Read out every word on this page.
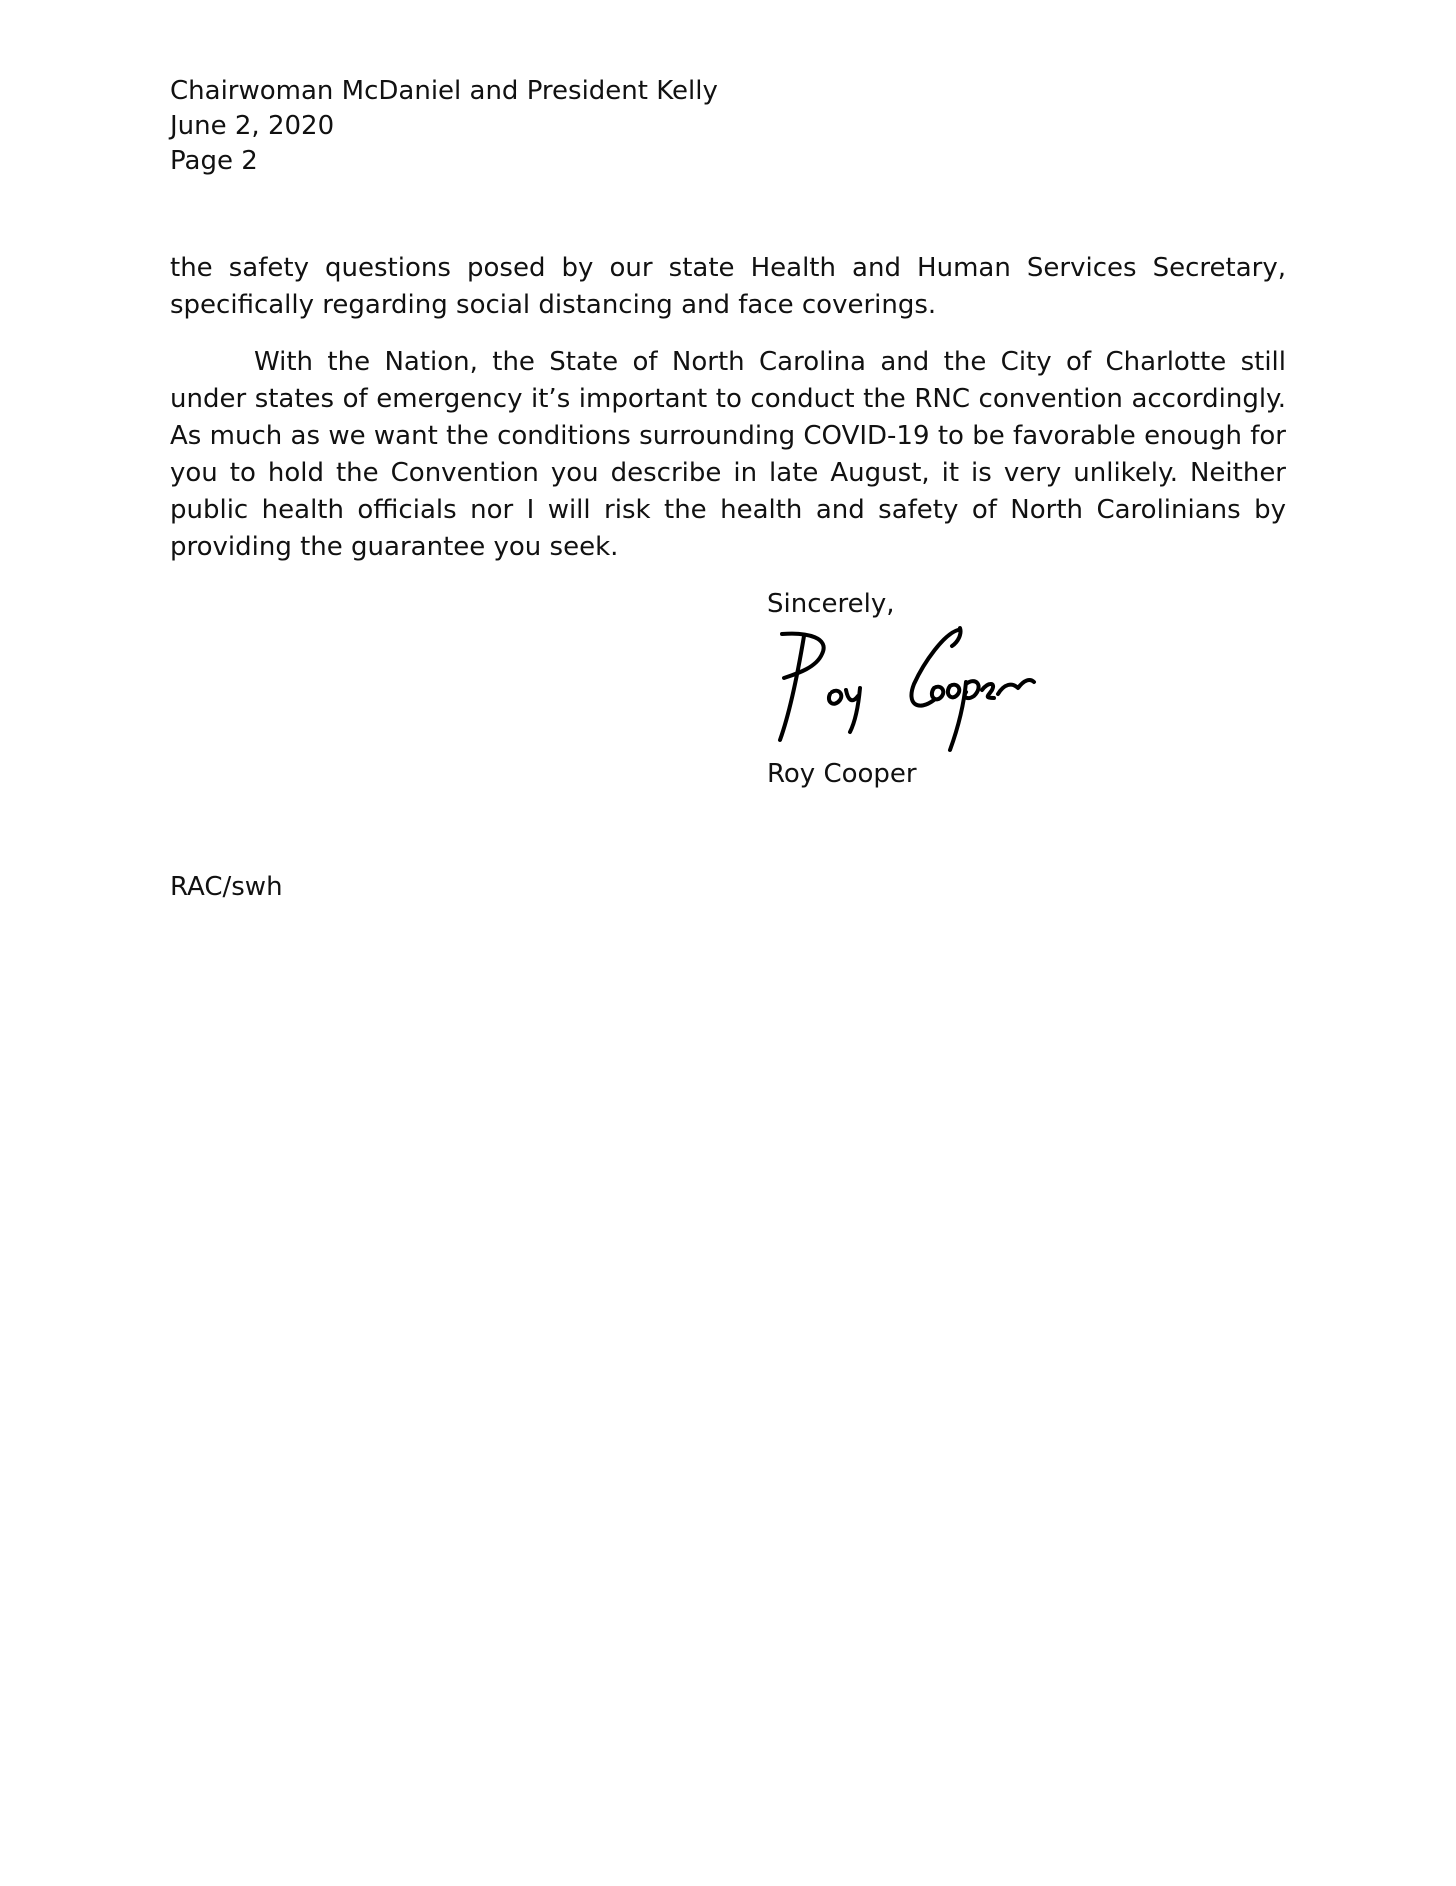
Chairwoman McDaniel and President Kelly
June 2, 2020
Page 2

the safety questions posed by our state Health and Human Services Secretary, specifically regarding social distancing and face coverings.

With the Nation, the State of North Carolina and the City of Charlotte still under states of emergency it’s important to conduct the RNC convention accordingly. As much as we want the conditions surrounding COVID-19 to be favorable enough for you to hold the Convention you describe in late August, it is very unlikely. Neither public health officials nor I will risk the health and safety of North Carolinians by providing the guarantee you seek.

Sincerely,
Roy Cooper
RAC/swh
